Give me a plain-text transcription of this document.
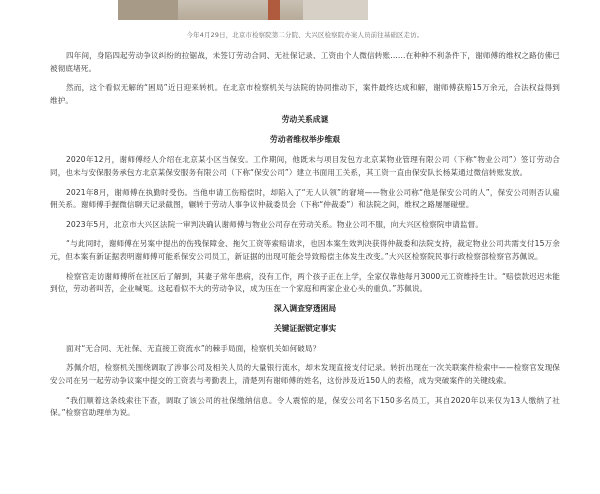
今年4月29日，北京市检察院第二分院、大兴区检察院办案人员前往基础区走访。
四年间，身陷四起劳动争议纠纷的拉锯战，未签订劳动合同、无社保记录、工资由个人微信转账……在种种不利条件下，谢师傅的维权之路仿佛已被彻底堵死。
然而，这个看似无解的“困局”近日迎来转机。在北京市检察机关与法院的协同推动下，案件最终达成和解，谢师傅获赔15万余元，合法权益得到维护。
劳动关系成谜
劳动者维权举步维艰
2020年12月，谢师傅经人介绍在北京某小区当保安。工作期间，他既未与项目发包方北京某物业管理有限公司（下称“物业公司”）签订劳动合同，也未与安保服务承包方北京某保安服务有限公司（下称“保安公司”）建立书面用工关系，其工资一直由保安队长杨某通过微信转账发放。
2021年8月，谢师傅在执勤时受伤。当他申请工伤赔偿时，却陷入了“无人认领”的窘境——物业公司称“他是保安公司的人”，保安公司则否认雇佣关系。谢师傅手握微信聊天记录截图，辗转于劳动人事争议仲裁委员会（下称“仲裁委”）和法院之间，维权之路屡屡碰壁。
2023年5月，北京市大兴区法院一审判决确认谢师傅与物业公司存在劳动关系。物业公司不服，向大兴区检察院申请监督。
“与此同时，谢师傅在另案中提出的伤残保障金、拖欠工资等索赔请求，也因本案生效判决获得仲裁委和法院支持，裁定物业公司共需支付15万余元，但本案有新证据表明谢师傅可能系保安公司员工，新证据的出现可能会导致赔偿主体发生改变。”大兴区检察院民事行政检察部检察官苏佩说。
检察官走访谢师傅所在社区后了解到，其妻子常年患病，没有工作，两个孩子正在上学，全家仅靠他每月3000元工资维持生计。“赔偿款迟迟未能到位，劳动者叫苦，企业喊冤。这起看似不大的劳动争议，成为压在一个家庭和两家企业心头的重负。”苏佩说。
深入调查穿透困局
关键证据锁定事实
面对“无合同、无社保、无直接工资流水”的棘手局面，检察机关如何破局？
苏佩介绍，检察机关围绕调取了涉事公司及相关人员的大量银行流水，却未发现直接支付记录。转折出现在一次关联案件检索中——检察官发现保安公司在另一起劳动争议案中提交的工资表与考勤表上，清楚列有谢师傅的姓名，这份涉及近150人的表格，成为突破案件的关键线索。
“我们顺着这条线索往下查，调取了该公司的社保缴纳信息。令人震惊的是，保安公司名下150多名员工，其自2020年以来仅为13人缴纳了社保。”检察官助理单为说。
